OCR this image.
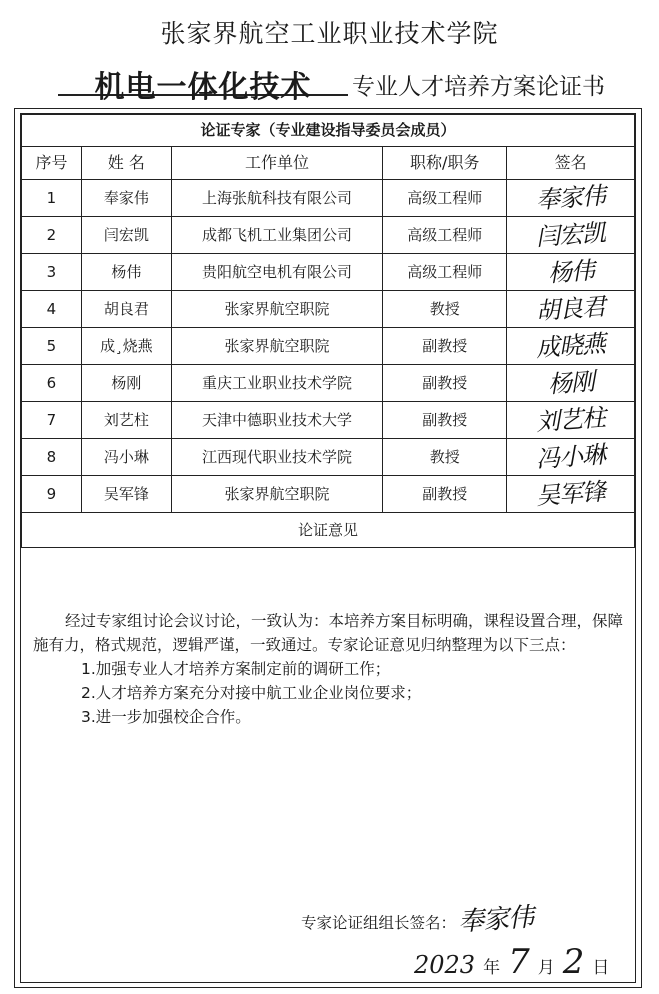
张家界航空工业职业技术学院
机电一体化技术	专业人才培养方案论证书
论证专家（专业建设指导委员会成员）				
序号	姓 名	工作单位	职称/职务	签名
1	奉家伟	上海张航科技有限公司	高级工程师	奉家伟
2	闫宏凯	成都飞机工业集团公司	高级工程师	闫宏凯
3	杨伟	贵阳航空电机有限公司	高级工程师	杨伟
4	胡良君	张家界航空职院	教授	胡良君
5	成¸烧燕	张家界航空职院	副教授	成晓燕
6	杨刚	重庆工业职业技术学院	副教授	杨刚
7	刘艺柱	天津中德职业技术大学	副教授	刘艺柱
8	冯小琳	江西现代职业技术学院	教授	冯小琳
9	吴军锋	张家界航空职院	副教授	吴军锋
论证意见				

经过专家组讨论会议讨论，一致认为：本培养方案目标明确，课程设置合理，保障施有力，格式规范，逻辑严谨，一致通过。专家论证意见归纳整理为以下三点：

1.加强专业人才培养方案制定前的调研工作；
2.人才培养方案充分对接中航工业企业岗位要求；
3.进一步加强校企合作。
专家论证组组长签名：奉家伟
2023 年 7 月 2 日
